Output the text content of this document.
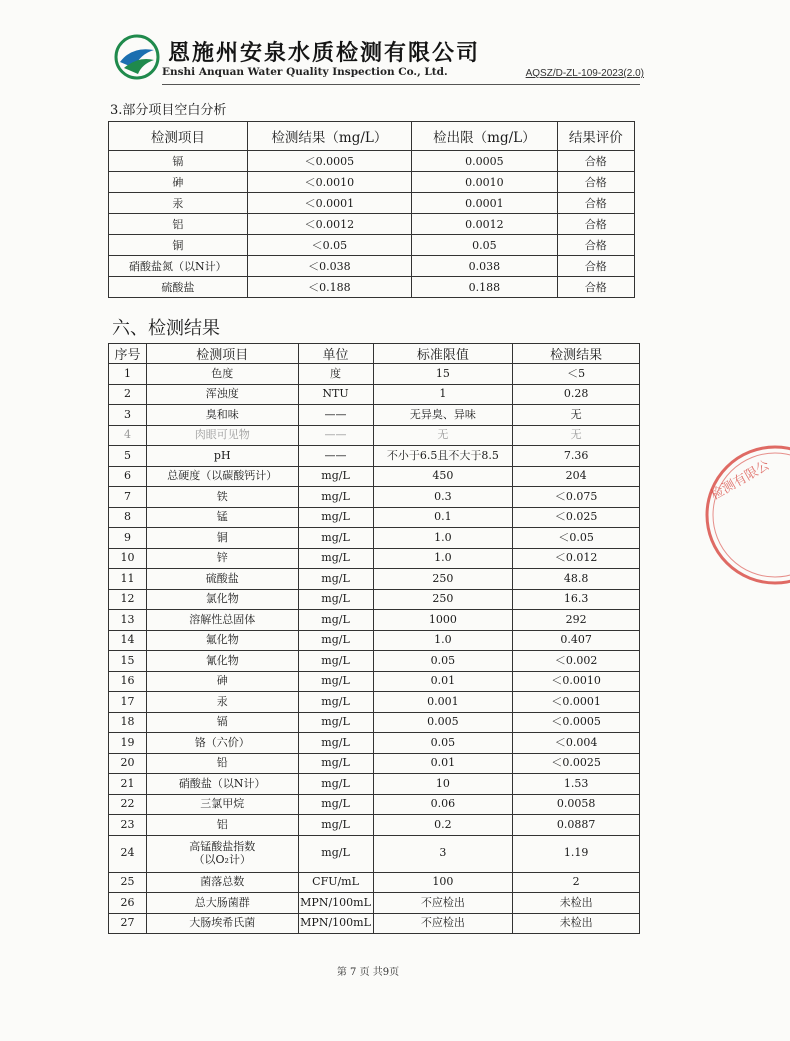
恩施州安泉水质检测有限公司
Enshi Anquan Water Quality Inspection Co., Ltd.	AQSZ/D-ZL-109-2023(2.0)
3.部分项目空白分析
检测项目	检测结果（mg/L）	检出限（mg/L）	结果评价
镉	＜0.0005	0.0005	合格
砷	＜0.0010	0.0010	合格
汞	＜0.0001	0.0001	合格
铝	＜0.0012	0.0012	合格
铜	＜0.05	0.05	合格
硝酸盐氮（以N计）	＜0.038	0.038	合格
硫酸盐	＜0.188	0.188	合格
六、检测结果
序号	检测项目	单位	标准限值	检测结果
1	色度	度	15	＜5
2	浑浊度	NTU	1	0.28
3	臭和味	——	无异臭、异味	无
4	肉眼可见物	——	无	无
5	pH	——	不小于6.5且不大于8.5	7.36
6	总硬度（以碳酸钙计）	mg/L	450	204
7	铁	mg/L	0.3	＜0.075
8	锰	mg/L	0.1	＜0.025
9	铜	mg/L	1.0	＜0.05
10	锌	mg/L	1.0	＜0.012
11	硫酸盐	mg/L	250	48.8
12	氯化物	mg/L	250	16.3
13	溶解性总固体	mg/L	1000	292
14	氟化物	mg/L	1.0	0.407
15	氰化物	mg/L	0.05	＜0.002
16	砷	mg/L	0.01	＜0.0010
17	汞	mg/L	0.001	＜0.0001
18	镉	mg/L	0.005	＜0.0005
19	铬（六价）	mg/L	0.05	＜0.004
20	铅	mg/L	0.01	＜0.0025
21	硝酸盐（以N计）	mg/L	10	1.53
22	三氯甲烷	mg/L	0.06	0.0058
23	铝	mg/L	0.2	0.0887
24	高锰酸盐指数
（以O₂计）	mg/L	3	1.19
25	菌落总数	CFU/mL	100	2
26	总大肠菌群	MPN/100mL	不应检出	未检出
27	大肠埃希氏菌	MPN/100mL	不应检出	未检出
第 7 页 共9页
检测有限公
